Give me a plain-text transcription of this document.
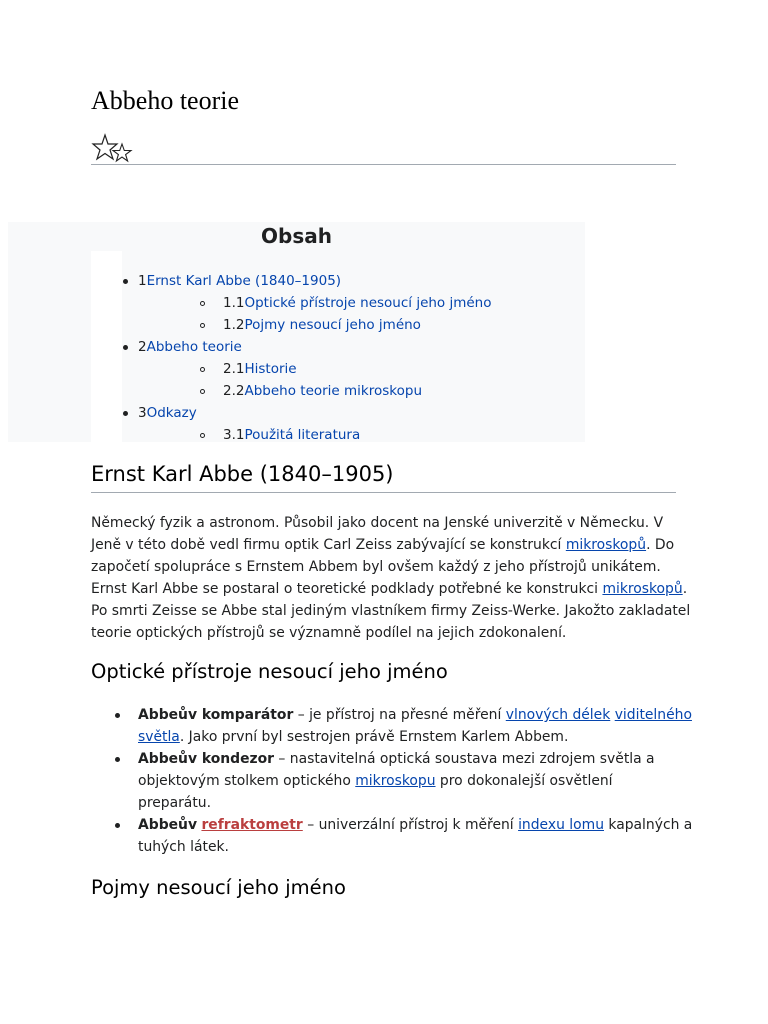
Abbeho teorie
Obsah
1 Ernst Karl Abbe (1840–1905)
1.1 Optické přístroje nesoucí jeho jméno
1.2 Pojmy nesoucí jeho jméno
2 Abbeho teorie
2.1 Historie
2.2 Abbeho teorie mikroskopu
3 Odkazy
3.1 Použitá literatura
Ernst Karl Abbe (1840–1905)
Německý fyzik a astronom. Působil jako docent na Jenské univerzitě v Německu. V
Jeně v této době vedl firmu optik Carl Zeiss zabývající se konstrukcí mikroskopů. Do
započetí spolupráce s Ernstem Abbem byl ovšem každý z jeho přístrojů unikátem.
Ernst Karl Abbe se postaral o teoretické podklady potřebné ke konstrukci mikroskopů.
Po smrti Zeisse se Abbe stal jediným vlastníkem firmy Zeiss-Werke. Jakožto zakladatel
teorie optických přístrojů se významně podílel na jejich zdokonalení.
Optické přístroje nesoucí jeho jméno
Abbeův komparátor – je přístroj na přesné měření vlnových délek viditelného
světla. Jako první byl sestrojen právě Ernstem Karlem Abbem.
Abbeův kondezor – nastavitelná optická soustava mezi zdrojem světla a
objektovým stolkem optického mikroskopu pro dokonalejší osvětlení
preparátu.
Abbeův refraktometr – univerzální přístroj k měření indexu lomu kapalných a
tuhých látek.
Pojmy nesoucí jeho jméno
